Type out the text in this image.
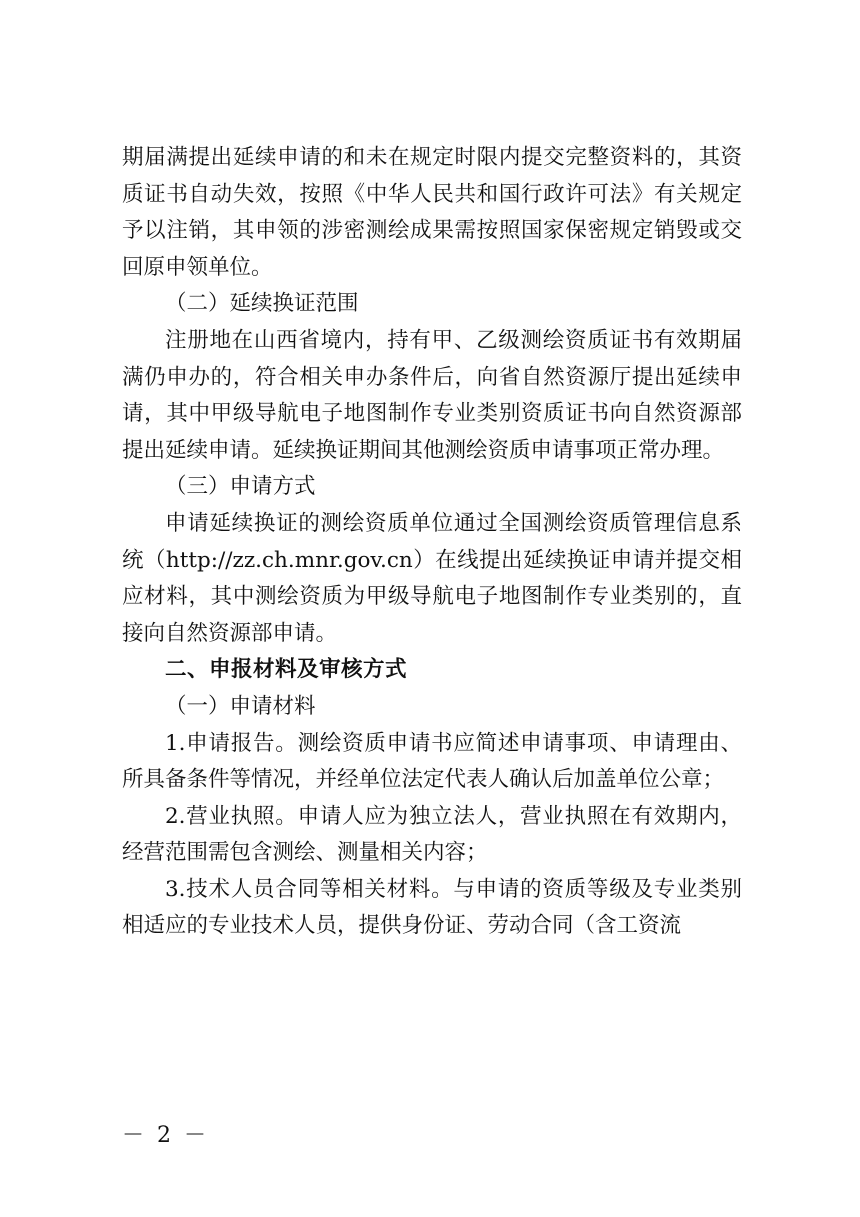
期届满提出延续申请的和未在规定时限内提交完整资料的，其资质证书自动失效，按照《中华人民共和国行政许可法》有关规定予以注销，其申领的涉密测绘成果需按照国家保密规定销毁或交回原申领单位。

（二）延续换证范围

注册地在山西省境内，持有甲、乙级测绘资质证书有效期届满仍申办的，符合相关申办条件后，向省自然资源厅提出延续申请，其中甲级导航电子地图制作专业类别资质证书向自然资源部提出延续申请。延续换证期间其他测绘资质申请事项正常办理。

（三）申请方式

申请延续换证的测绘资质单位通过全国测绘资质管理信息系统（http://zz.ch.mnr.gov.cn）在线提出延续换证申请并提交相应材料，其中测绘资质为甲级导航电子地图制作专业类别的，直接向自然资源部申请。

二、申报材料及审核方式

（一）申请材料

1.申请报告。测绘资质申请书应简述申请事项、申请理由、所具备条件等情况，并经单位法定代表人确认后加盖单位公章；

2.营业执照。申请人应为独立法人，营业执照在有效期内，经营范围需包含测绘、测量相关内容；

3.技术人员合同等相关材料。与申请的资质等级及专业类别相适应的专业技术人员，提供身份证、劳动合同（含工资流

－ 2 －
